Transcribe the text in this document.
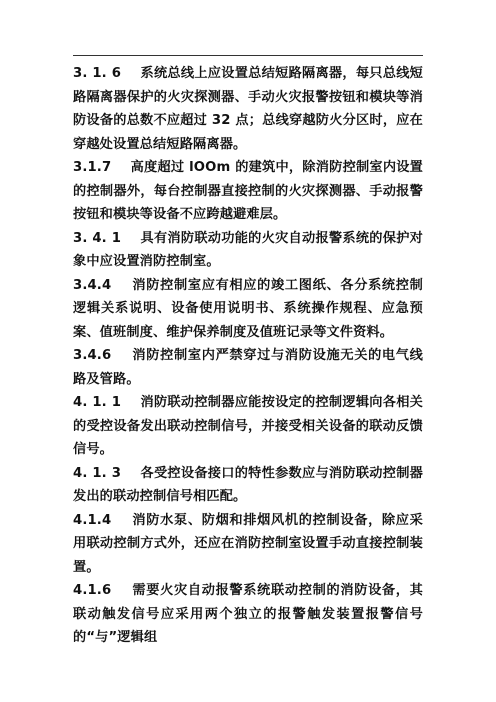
3. 1. 6 系统总线上应设置总结短路隔离器，每只总线短路隔离器保护的火灾探测器、手动火灾报警按钮和模块等消防设备的总数不应超过 32 点；总线穿越防火分区时，应在穿越处设置总结短路隔离器。

3.1.7 高度超过 lOOm 的建筑中，除消防控制室内设置的控制器外，每台控制器直接控制的火灾探测器、手动报警按钮和模块等设备不应跨越避难层。

3. 4. 1 具有消防联动功能的火灾自动报警系统的保护对象中应设置消防控制室。

3.4.4 消防控制室应有相应的竣工图纸、各分系统控制逻辑关系说明、设备使用说明书、系统操作规程、应急预案、值班制度、维护保养制度及值班记录等文件资料。

3.4.6 消防控制室内严禁穿过与消防设施无关的电气线路及管路。

4. 1. 1 消防联动控制器应能按设定的控制逻辑向各相关的受控设备发出联动控制信号，并接受相关设备的联动反馈信号。

4. 1. 3 各受控设备接口的特性参数应与消防联动控制器发出的联动控制信号相匹配。

4.1.4 消防水泵、防烟和排烟风机的控制设备，除应采用联动控制方式外，还应在消防控制室设置手动直接控制装置。

4.1.6 需要火灾自动报警系统联动控制的消防设备，其联动触发信号应采用两个独立的报警触发装置报警信号的“与”逻辑组
